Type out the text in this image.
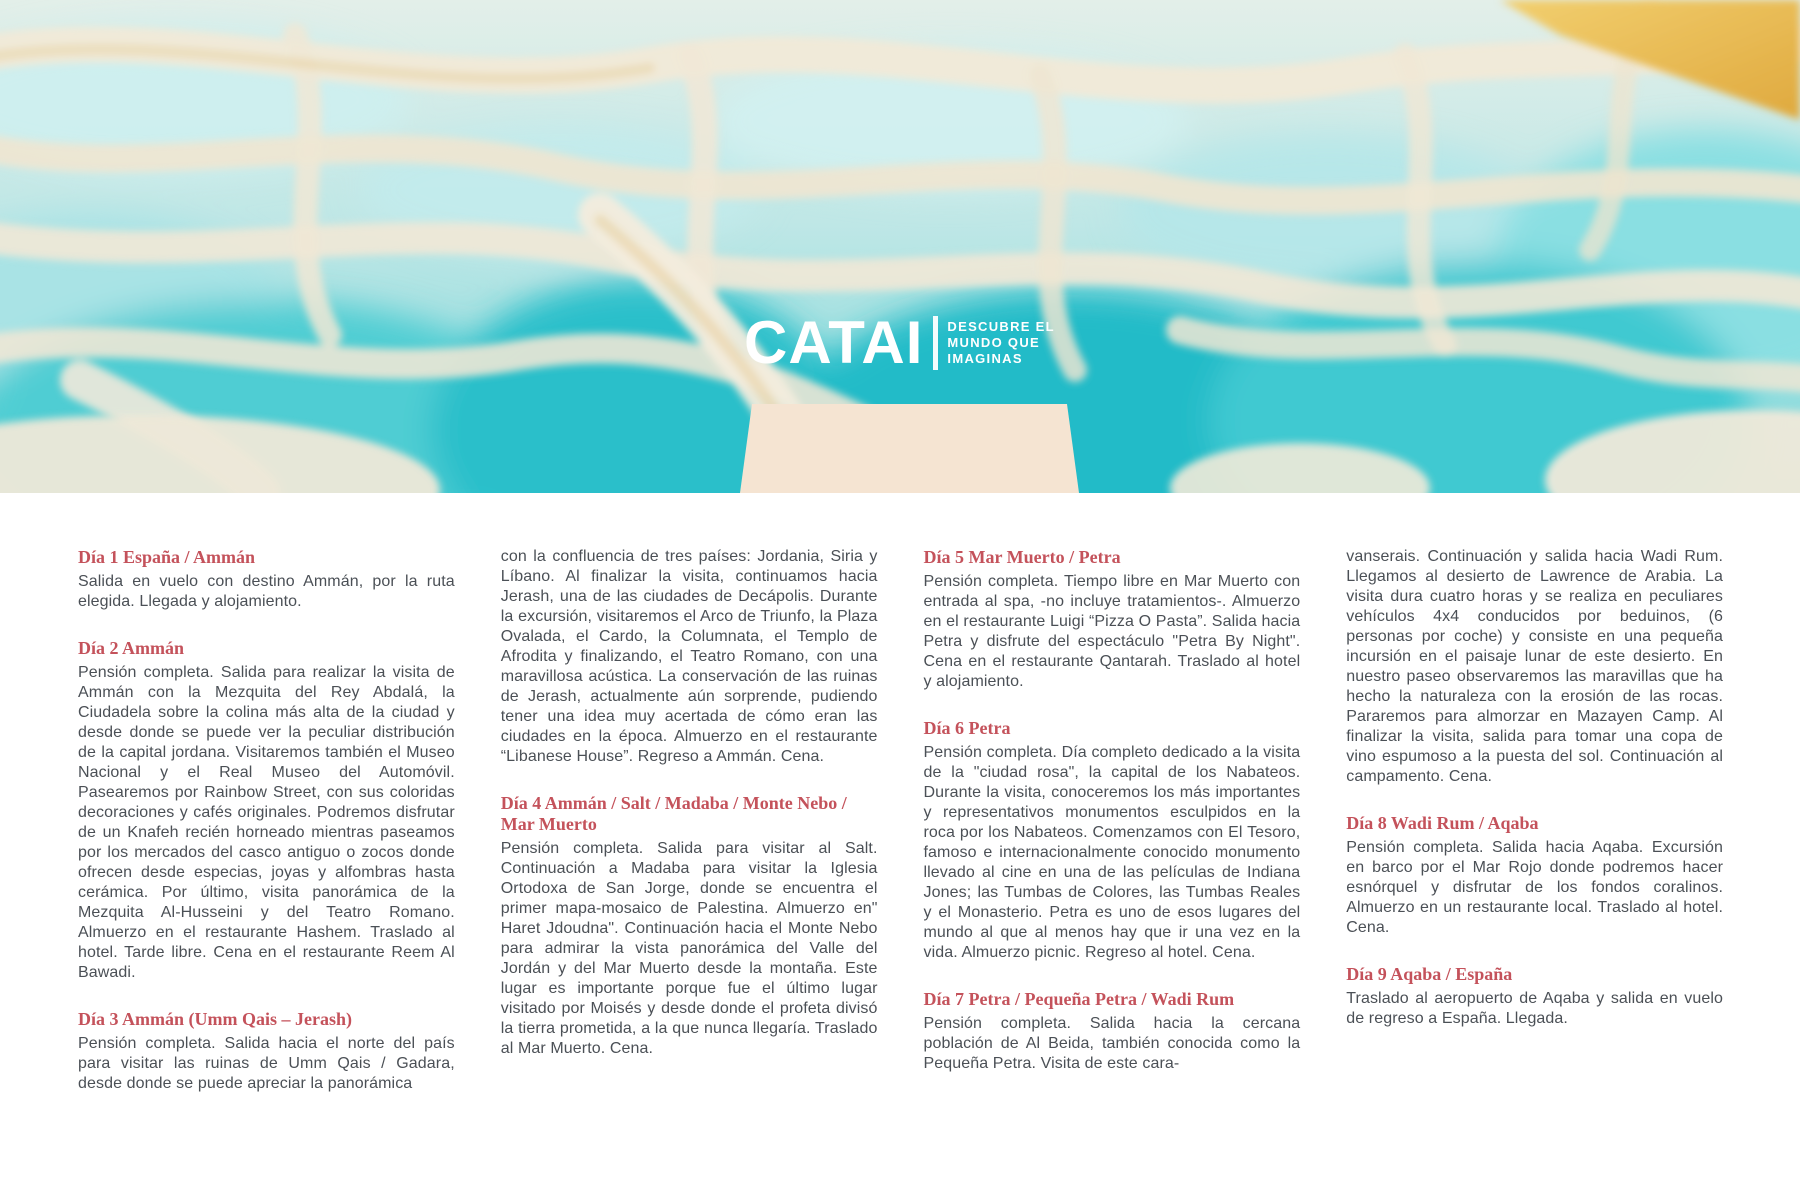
CATAI DESCUBRE EL
MUNDO QUE
IMAGINAS
Día 1 España / Ammán

Salida en vuelo con destino Ammán, por la ruta elegida. Llegada y alojamiento.

Día 2 Ammán

Pensión completa. Salida para realizar la visita de Ammán con la Mezquita del Rey Abdalá, la Ciudadela sobre la colina más alta de la ciudad y desde donde se puede ver la peculiar distribución de la capital jordana. Visitaremos también el Museo Nacional y el Real Museo del Automóvil. Pasearemos por Rainbow Street, con sus coloridas decoraciones y cafés originales. Podremos disfrutar de un Knafeh recién horneado mientras paseamos por los mercados del casco antiguo o zocos donde ofrecen desde especias, joyas y alfombras hasta cerámica. Por último, visita panorámica de la Mezquita Al-Husseini y del Teatro Romano. Almuerzo en el restaurante Hashem. Traslado al hotel. Tarde libre. Cena en el restaurante Reem Al Bawadi.

Día 3 Ammán (Umm Qais – Jerash)

Pensión completa. Salida hacia el norte del país para visitar las ruinas de Umm Qais / Gadara, desde donde se puede apreciar la panorámica

con la confluencia de tres países: Jordania, Siria y Líbano. Al finalizar la visita, continuamos hacia Jerash, una de las ciudades de Decápolis. Durante la excursión, visitaremos el Arco de Triunfo, la Plaza Ovalada, el Cardo, la Columnata, el Templo de Afrodita y finalizando, el Teatro Romano, con una maravillosa acústica. La conservación de las ruinas de Jerash, actualmente aún sorprende, pudiendo tener una idea muy acertada de cómo eran las ciudades en la época. Almuerzo en el restaurante “Libanese House”. Regreso a Ammán. Cena.

Día 4 Ammán / Salt / Madaba / Monte Nebo / Mar Muerto

Pensión completa. Salida para visitar al Salt. Continuación a Madaba para visitar la Iglesia Ortodoxa de San Jorge, donde se encuentra el primer mapa-mosaico de Palestina. Almuerzo en" Haret Jdoudna". Continuación hacia el Monte Nebo para admirar la vista panorámica del Valle del Jordán y del Mar Muerto desde la montaña. Este lugar es importante porque fue el último lugar visitado por Moisés y desde donde el profeta divisó la tierra prometida, a la que nunca llegaría. Traslado al Mar Muerto. Cena.

Día 5 Mar Muerto / Petra

Pensión completa. Tiempo libre en Mar Muerto con entrada al spa, -no incluye tratamientos-. Almuerzo en el restaurante Luigi “Pizza O Pasta”. Salida hacia Petra y disfrute del espectáculo "Petra By Night". Cena en el restaurante Qantarah. Traslado al hotel y alojamiento.

Día 6 Petra

Pensión completa. Día completo dedicado a la visita de la "ciudad rosa", la capital de los Nabateos. Durante la visita, conoceremos los más importantes y representativos monumentos esculpidos en la roca por los Nabateos. Comenzamos con El Tesoro, famoso e internacionalmente conocido monumento llevado al cine en una de las películas de Indiana Jones; las Tumbas de Colores, las Tumbas Reales y el Monasterio. Petra es uno de esos lugares del mundo al que al menos hay que ir una vez en la vida. Almuerzo picnic. Regreso al hotel. Cena.

Día 7 Petra / Pequeña Petra / Wadi Rum

Pensión completa. Salida hacia la cercana población de Al Beida, también conocida como la Pequeña Petra. Visita de este cara-

vanserais. Continuación y salida hacia Wadi Rum. Llegamos al desierto de Lawrence de Arabia. La visita dura cuatro horas y se realiza en peculiares vehículos 4x4 conducidos por beduinos, (6 personas por coche) y consiste en una pequeña incursión en el paisaje lunar de este desierto. En nuestro paseo observaremos las maravillas que ha hecho la naturaleza con la erosión de las rocas. Pararemos para almorzar en Mazayen Camp. Al finalizar la visita, salida para tomar una copa de vino espumoso a la puesta del sol. Continuación al campamento. Cena.

Día 8 Wadi Rum / Aqaba

Pensión completa. Salida hacia Aqaba. Excursión en barco por el Mar Rojo donde podremos hacer esnórquel y disfrutar de los fondos coralinos. Almuerzo en un restaurante local. Traslado al hotel. Cena.

Día 9 Aqaba / España

Traslado al aeropuerto de Aqaba y salida en vuelo de regreso a España. Llegada.
